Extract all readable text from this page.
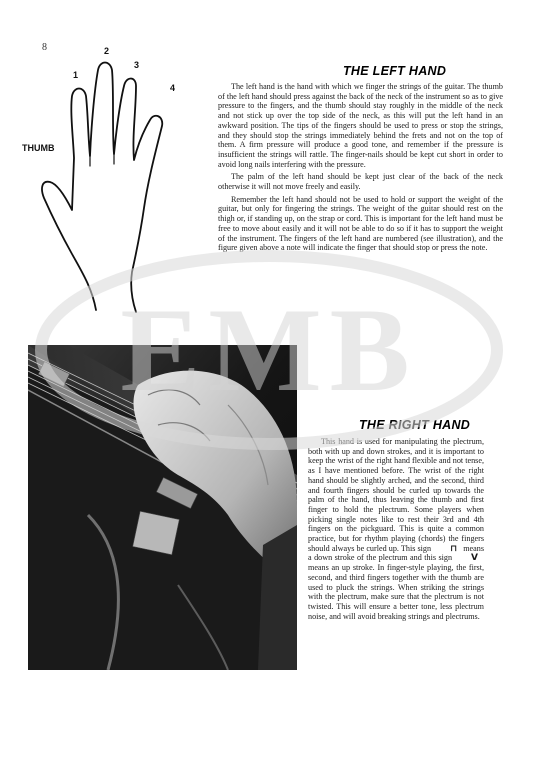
8
1
2
3
4
THUMB
THE LEFT HAND

The left hand is the hand with which we finger the strings of the guitar. The thumb of the left hand should press against the back of the neck of the instrument so as to give pressure to the fingers, and the thumb should stay roughly in the middle of the neck and not stick up over the top side of the neck, as this will put the left hand in an awkward position. The tips of the fingers should be used to press or stop the strings, and they should stop the strings immediately behind the frets and not on the top of them. A firm pressure will produce a good tone, and remember if the pressure is insufficient the strings will rattle. The finger-nails should be kept cut short in order to avoid long nails interfering with the pressure.

The palm of the left hand should be kept just clear of the back of the neck otherwise it will not move freely and easily.

Remember the left hand should not be used to hold or support the weight of the guitar, but only for fingering the strings. The weight of the guitar should rest on the thigh or, if standing up, on the strap or cord. This is important for the left hand must be free to move about easily and it will not be able to do so if it has to support the weight of the instrument. The fingers of the left hand are numbered (see illustration), and the figure given above a note will indicate the finger that should stop or press the note.

THE RIGHT HAND

This hand is used for manipulating the plectrum, both with up and down strokes, and it is important to keep the wrist of the right hand flexible and not tense, as I have mentioned before. The wrist of the right hand should be slightly arched, and the second, third and fourth fingers should be curled up towards the palm of the hand, thus leaving the thumb and first finger to hold the plectrum. Some players when picking single notes like to rest their 3rd and 4th fingers on the pickguard. This is quite a common practice, but for rhythm playing (chords) the fingers should always be curled up. This sign ⊓ means a down stroke of the plectrum and this sign Vmeans an up stroke. In finger-style playing, the first, second, and third fingers together with the thumb are used to pluck the strings. When striking the strings with the plectrum, make sure that the plectrum is not twisted. This will ensure a better tone, less plectrum noise, and will avoid breaking strings and plectrums.

EMB
